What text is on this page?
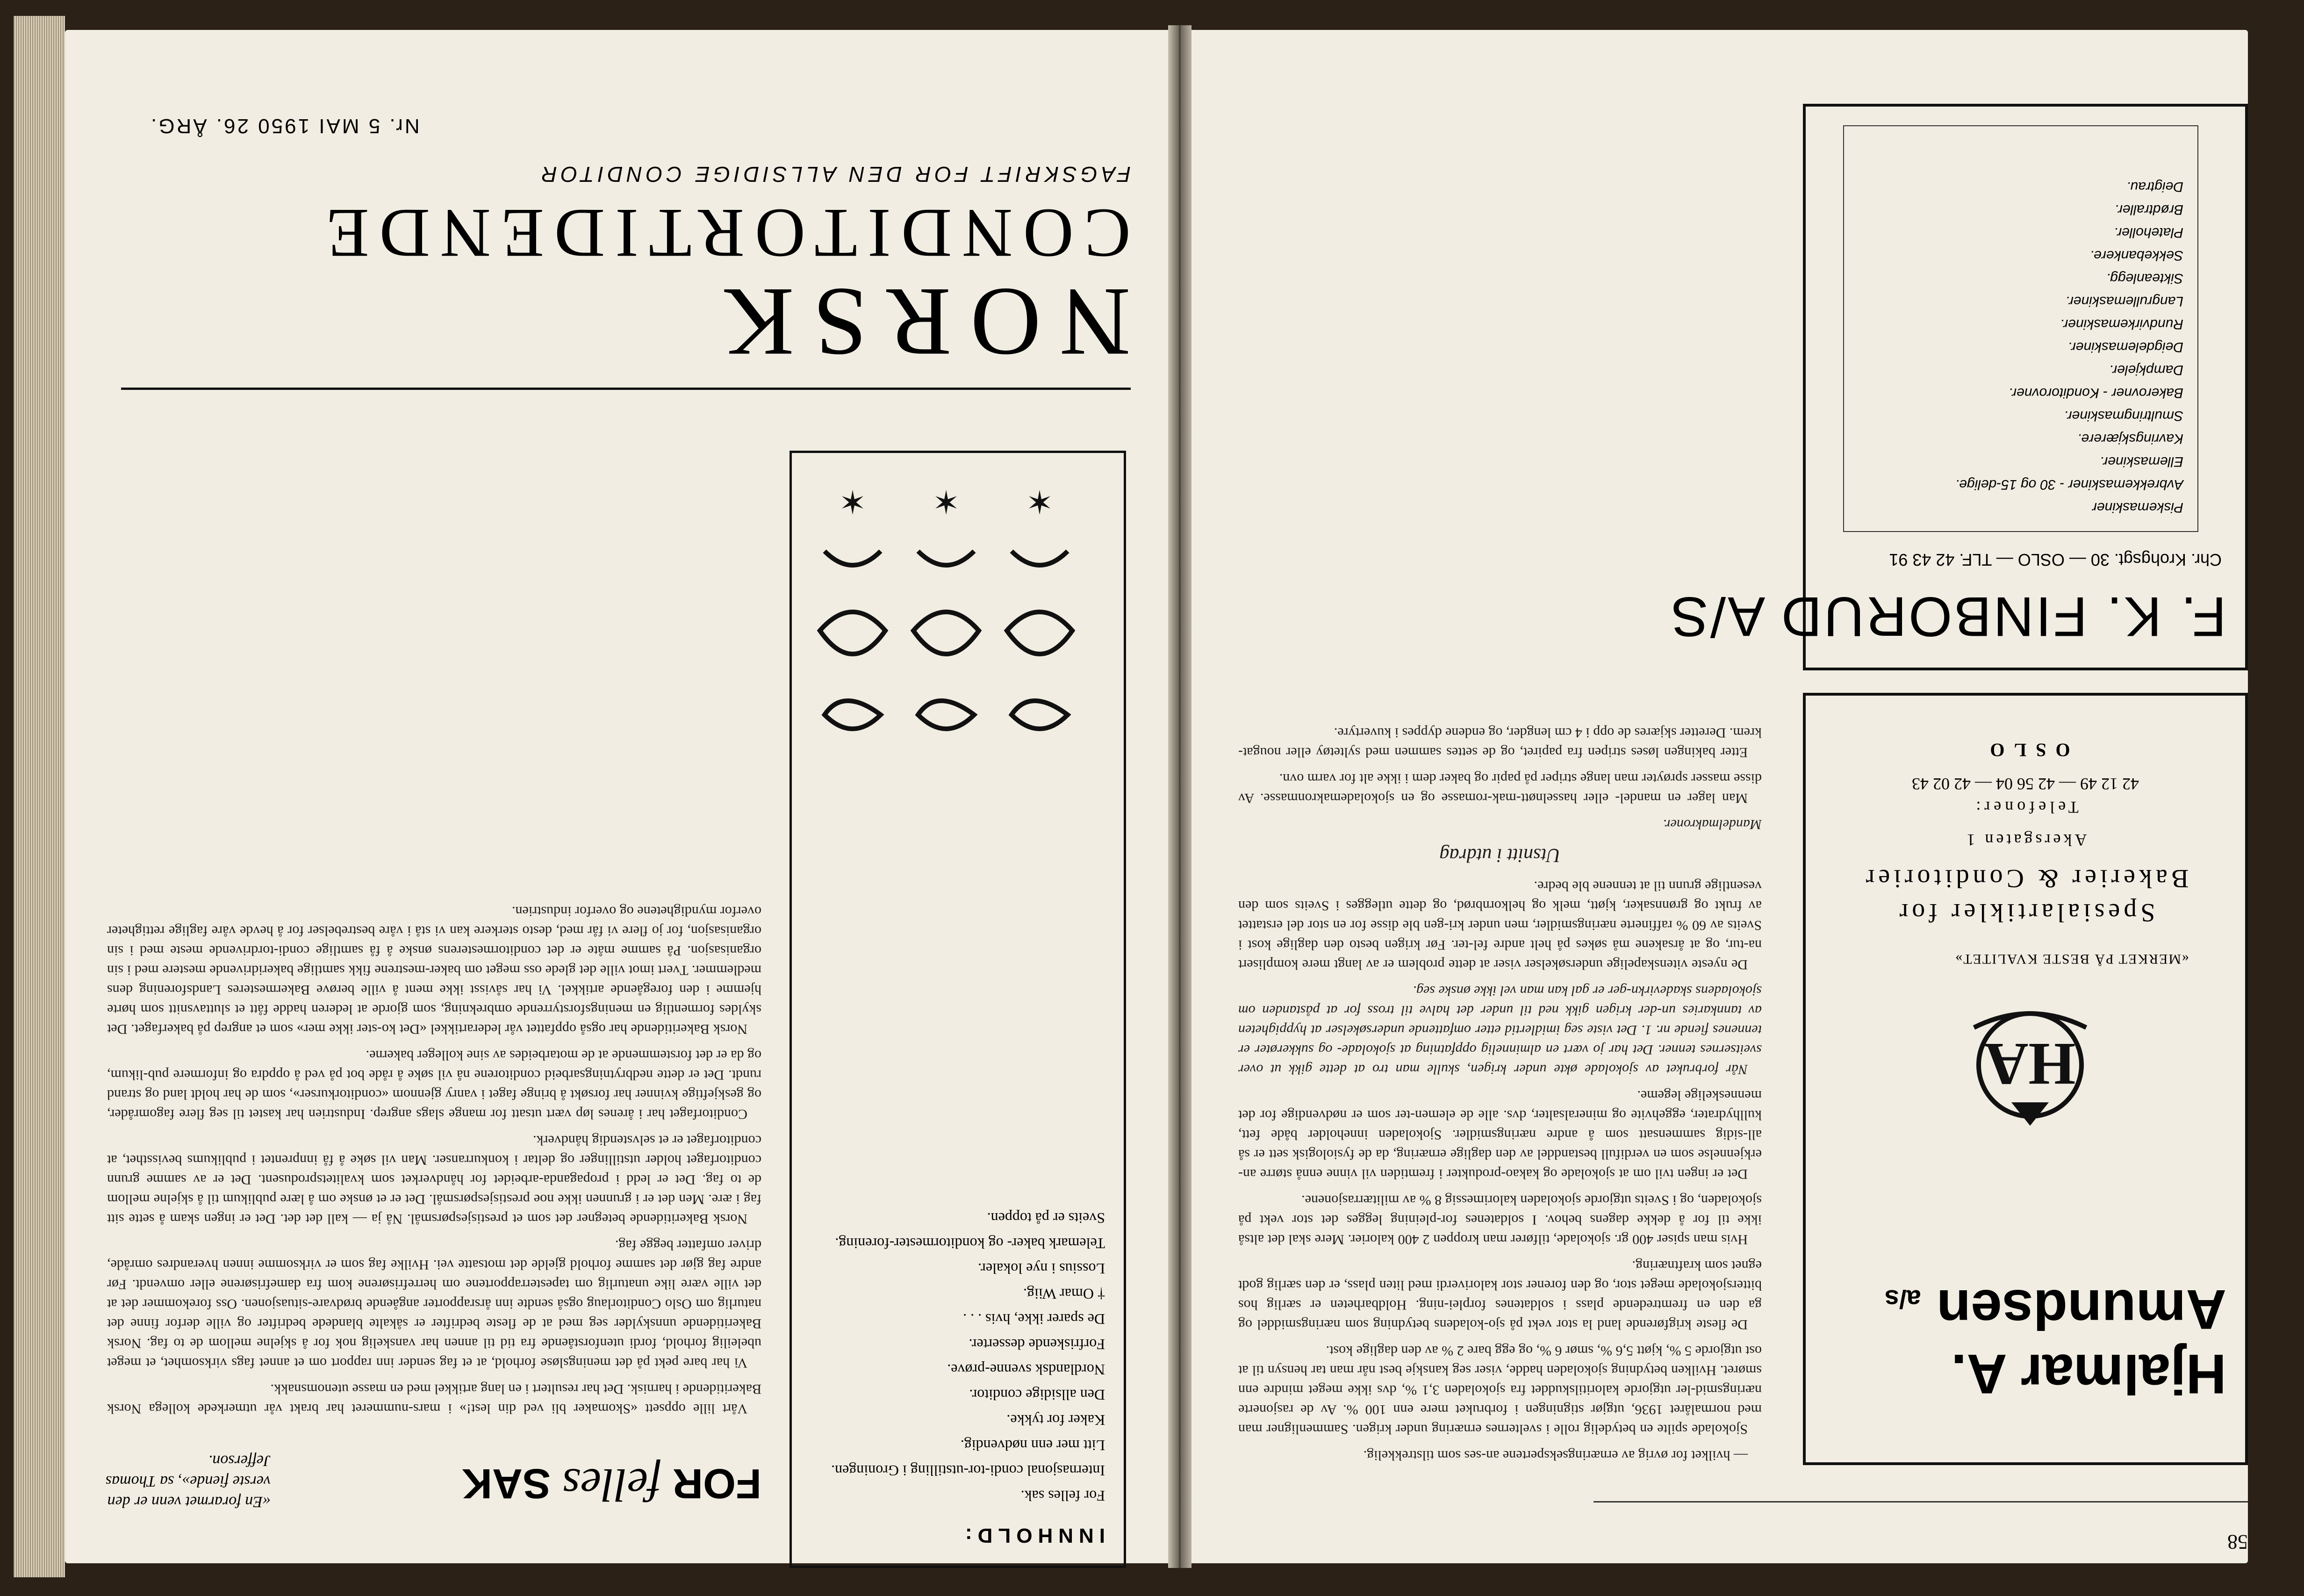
58
Hjalmar A.
Amundsen a/s
HA
«MERKET PÅ BESTE KVALITET»
Spesialartikler for
Bakerier & Conditorier
Akersgaten 1
Telefoner:
42 12 49 — 42 56 04 — 42 02 43
OSLO
F. K. FINBORUD A/S
Chr. Krohgsgt. 30 — OSLO — TLF. 42 43 91
Piskemaskiner
Avbrekkemaskiner - 30 og 15-delige.
Ellemaskiner.
Kavringskjærere.
Smultringmaskiner.
Bakerovner - Konditorovner.
Dampkjeler.
Deigdelemaskiner.
Rundvirkemaskiner.
Langrullemaskiner.
Siktеanlegg.
Sekkebankere.
Plateholler.
Brødtraller.
Deigtrau.

— hvilket for øvrig av ernæringsekspertene an-ses som tilstrekkelig.

Sjokolade spilte en betydelig rolle i svelternes ernæring under krigen. Sammenligner man med normalåret 1936, utgjør stigningen i forbruket mere enn 100 %. Av de rasjonerte næringsmid-ler utgjorde kaloritilskuddet fra sjokoladen 3,1 %, dvs ikke meget mindre enn smøret. Hvilken betydning sjokoladen hadde, viser seg kanskje best når man tar hensyn til at ost utgjorde 5 %, kjøtt 5,6 %, smør 6 %, og egg bare 2 % av den daglige kost.

De fleste krigførende land la stor vekt på sjo-koladens betydning som næringsmiddel og ga den en fremtredende plass i soldatenes forplei-ning. Holdbarheten er særlig hos bittersjokolade meget stor, og den forener stor kaloriverdi med liten plass, er den særlig godt egnet som kraftnæring.

Hvis man spiser 400 gr. sjokolade, tilfører man kroppen 2 400 kalorier. Mere skal det altså ikke til for å dekke dagens behov. I soldatenes for-pleining legges det stor vekt på sjokoladen, og i Sveits utgjorde sjokoladen kalorimessig 8 % av militærrasjonene.

Det er ingen tvil om at sjokolade og kakao-produkter i fremtiden vil vinne ennå større an-erkjennelse som en verdifull bestanddel av den daglige ernæring, da de fysiologisk sett er så all-sidig sammensatt som å andre næringsmidler. Sjokoladen inneholder både fett, kullhydrater, eggehvite og mineralsalter, dvs. alle de elemen-ter som er nødvendige for det menneskelige legeme.

Når forbruket av sjokolade økte under krigen, skulle man tro at dette gikk ut over sveitsernes tenner. Det har jo vært en alminnelig oppfatning at sjokolade- og sukkerøter er tennenes fiende nr. 1. Det viste seg imidlertid etter omfattende undersøkelser at hyppigheten av tannkaries un-der krigen gikk ned til under det halve til tross for at påstanden om sjokoladens skadevirkn-ger er gal kan man vel ikke ønske seg.

De nyeste vitenskapelige undersøkelser viser at dette problem er av langt mere komplisert na-tur, og at årsakene må søkes på helt andre fel-ter. Før krigen besto den daglige kost i Sveits av 60 % raffinerte næringsmidler, men under kri-gen ble disse for en stor del erstattet av frukt og grønnsaker, kjøtt, melk og helkornbrød, og dette utlegges i Sveits som den vesentlige grunn til at tennene ble bedre.

Utsnitt i utdrag

Mandelmakroner.

Man lager en mandel- eller hasselnøtt-mak-romasse og en sjokolademakronmasse. Av disse masser sprøyter man lange striper på papir og baker dem i ikke alt for varm ovn.

Etter bakingen løses stripen fra papiret, og de settes sammen med syltetøy eller nougat-krem. Deretter skjæres de opp i 4 cm lengder, og endene dyppes i kuvertyre.

INNHOLD:
For felles sak.
Internasjonal condi-tor-utstilling i Groningen.
Litt mer enn nødvendig.
Kaker for tykke.
Den allsidige conditor.
Nordlandsk svenne-prøve.
Forfriskende desserter.
De sparer ikke, hvis . . .
† Omar Wiig.
Lossius i nye lokaler.
Telemark baker- og konditormester-forening.
Sveits er på toppen.
✶
✶
✶
FOR felles SAK
«En forarmet venn er den verste fiende», sa Thomas Jefferson.

Vårt lille oppsett «Skomaker bli ved din lest!» i mars-nummeret har brakt vår utmerkede kollega Norsk Bakeritidende i harnisk. Det har resultert i en lang artikkel med en masse utenomsnakk.

Vi har bare pekt på det meningsløse forhold, at et fag sender inn rapport om et annet fags virksomhet, et meget ubeleilig forhold, fordi utenforstående fra tid til annen har vanskelig nok for å skjelne mellom de to fag. Norsk Bakeritidende unnskylder seg med at de fleste bedrifter er såkalte blandede bedrifter og ville derfor finne det naturlig om Oslo Conditorlaug også sendte inn årsrapporter angående brødvare-situasjonen. Oss forekommer det at det ville være like unaturlig om tapesterrapportene om herrefrisørene kom fra damefrisørene eller omvendt. Før andre fag gjør det samme forhold gjelde det motsatte vei. Hvilke fag som er virksomme innen hverandres område, driver omfatter begge fag.

Norsk Bakeritidende betegner det som et prestisjespørsmål. Nå ja — kall det det. Det er ingen skam å sette sitt fag i ære. Men det er i grunnen ikke noe prestisjespørsmål. Det er et ønske om å lære publikum til å skjelne mellom de to fag. Det er ledd i propaganda-arbeidet for håndverket som kvalitetsprodusent. Det er av samme grunn conditorfaget holder utstillinger og deltar i konkurranser. Man vil søke å få innprentet i publikums bevissthet, at conditorfaget er et selvstendig håndverk.

Conditorfaget har i årenes løp vært utsatt for mange slags angrep. Industrien har kastet til seg flere fagområder, og geskjeftige kvinner har forsøkt å bringe faget i vanry gjennom «conditorkurser», som de har holdt land og strand rundt. Det er dette nedbrytningsarbeid conditorene nå vil søke å råde bot på ved å oppdra og informere pub-likum, og da er det forstemmende at de motarbeides av sine kolleger bakerne.

Norsk Bakeritidende har også oppfattet vår lederartikkel «Det ko-ster ikke mer» som et angrep på bakerfaget. Det skyldes formentlig en meningsforstyrrende ombrekning, som gjorde at lederen hadde fått et sluttavsnitt som hørte hjemme i den foregående artikkel. Vi har såvisst ikke ment å ville berøve Bakermesteres Landsforening dens medlemmer. Tvert imot ville det glede oss meget om baker-mestrene fikk samtlige bakeridrivende mestere med i sin organisasjon. På samme måte er det conditormesterens ønske å få samtlige condi-tordrivende meste med i sin organisasjon, for jo flere vi får med, desto sterkere kan vi stå i våre bestrebelser for å hevde våre faglige rettigheter overfor myndighetene og overfor industrien.

NORSK
CONDITORTIDENDE
FAGSKRIFT FOR DEN ALLSIDIGE CONDITOR
Nr. 5 MAI 1950 26. ÅRG.
